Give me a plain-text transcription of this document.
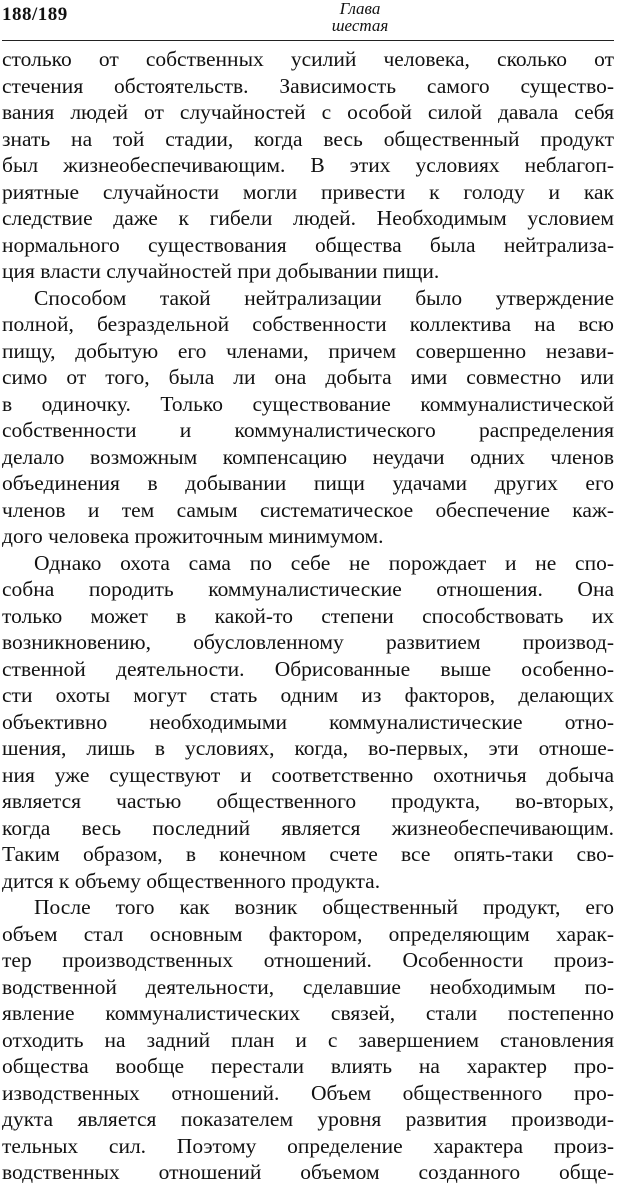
188/189	Глава
шестая
столько от собственных усилий человека, сколько от
стечения обстоятельств. Зависимость самого существо-
вания людей от случайностей с особой силой давала себя
знать на той стадии, когда весь общественный продукт
был жизнеобеспечивающим. В этих условиях неблагоп-
риятные случайности могли привести к голоду и как
следствие даже к гибели людей. Необходимым условием
нормального существования общества была нейтрализа-
ция власти случайностей при добывании пищи.
Способом такой нейтрализации было утверждение
полной, безраздельной собственности коллектива на всю
пищу, добытую его членами, причем совершенно незави-
симо от того, была ли она добыта ими совместно или
в одиночку. Только существование коммуналистической
собственности и коммуналистического распределения
делало возможным компенсацию неудачи одних членов
объединения в добывании пищи удачами других его
членов и тем самым систематическое обеспечение каж-
дого человека прожиточным минимумом.
Однако охота сама по себе не порождает и не спо-
собна породить коммуналистические отношения. Она
только может в какой-то степени способствовать их
возникновению, обусловленному развитием производ-
ственной деятельности. Обрисованные выше особенно-
сти охоты могут стать одним из факторов, делающих
объективно необходимыми коммуналистические отно-
шения, лишь в условиях, когда, во-первых, эти отноше-
ния уже существуют и соответственно охотничья добыча
является частью общественного продукта, во-вторых,
когда весь последний является жизнеобеспечивающим.
Таким образом, в конечном счете все опять-таки сво-
дится к объему общественного продукта.
После того как возник общественный продукт, его
объем стал основным фактором, определяющим харак-
тер производственных отношений. Особенности произ-
водственной деятельности, сделавшие необходимым по-
явление коммуналистических связей, стали постепенно
отходить на задний план и с завершением становления
общества вообще перестали влиять на характер про-
изводственных отношений. Объем общественного про-
дукта является показателем уровня развития производи-
тельных сил. Поэтому определение характера произ-
водственных отношений объемом созданного обще-
